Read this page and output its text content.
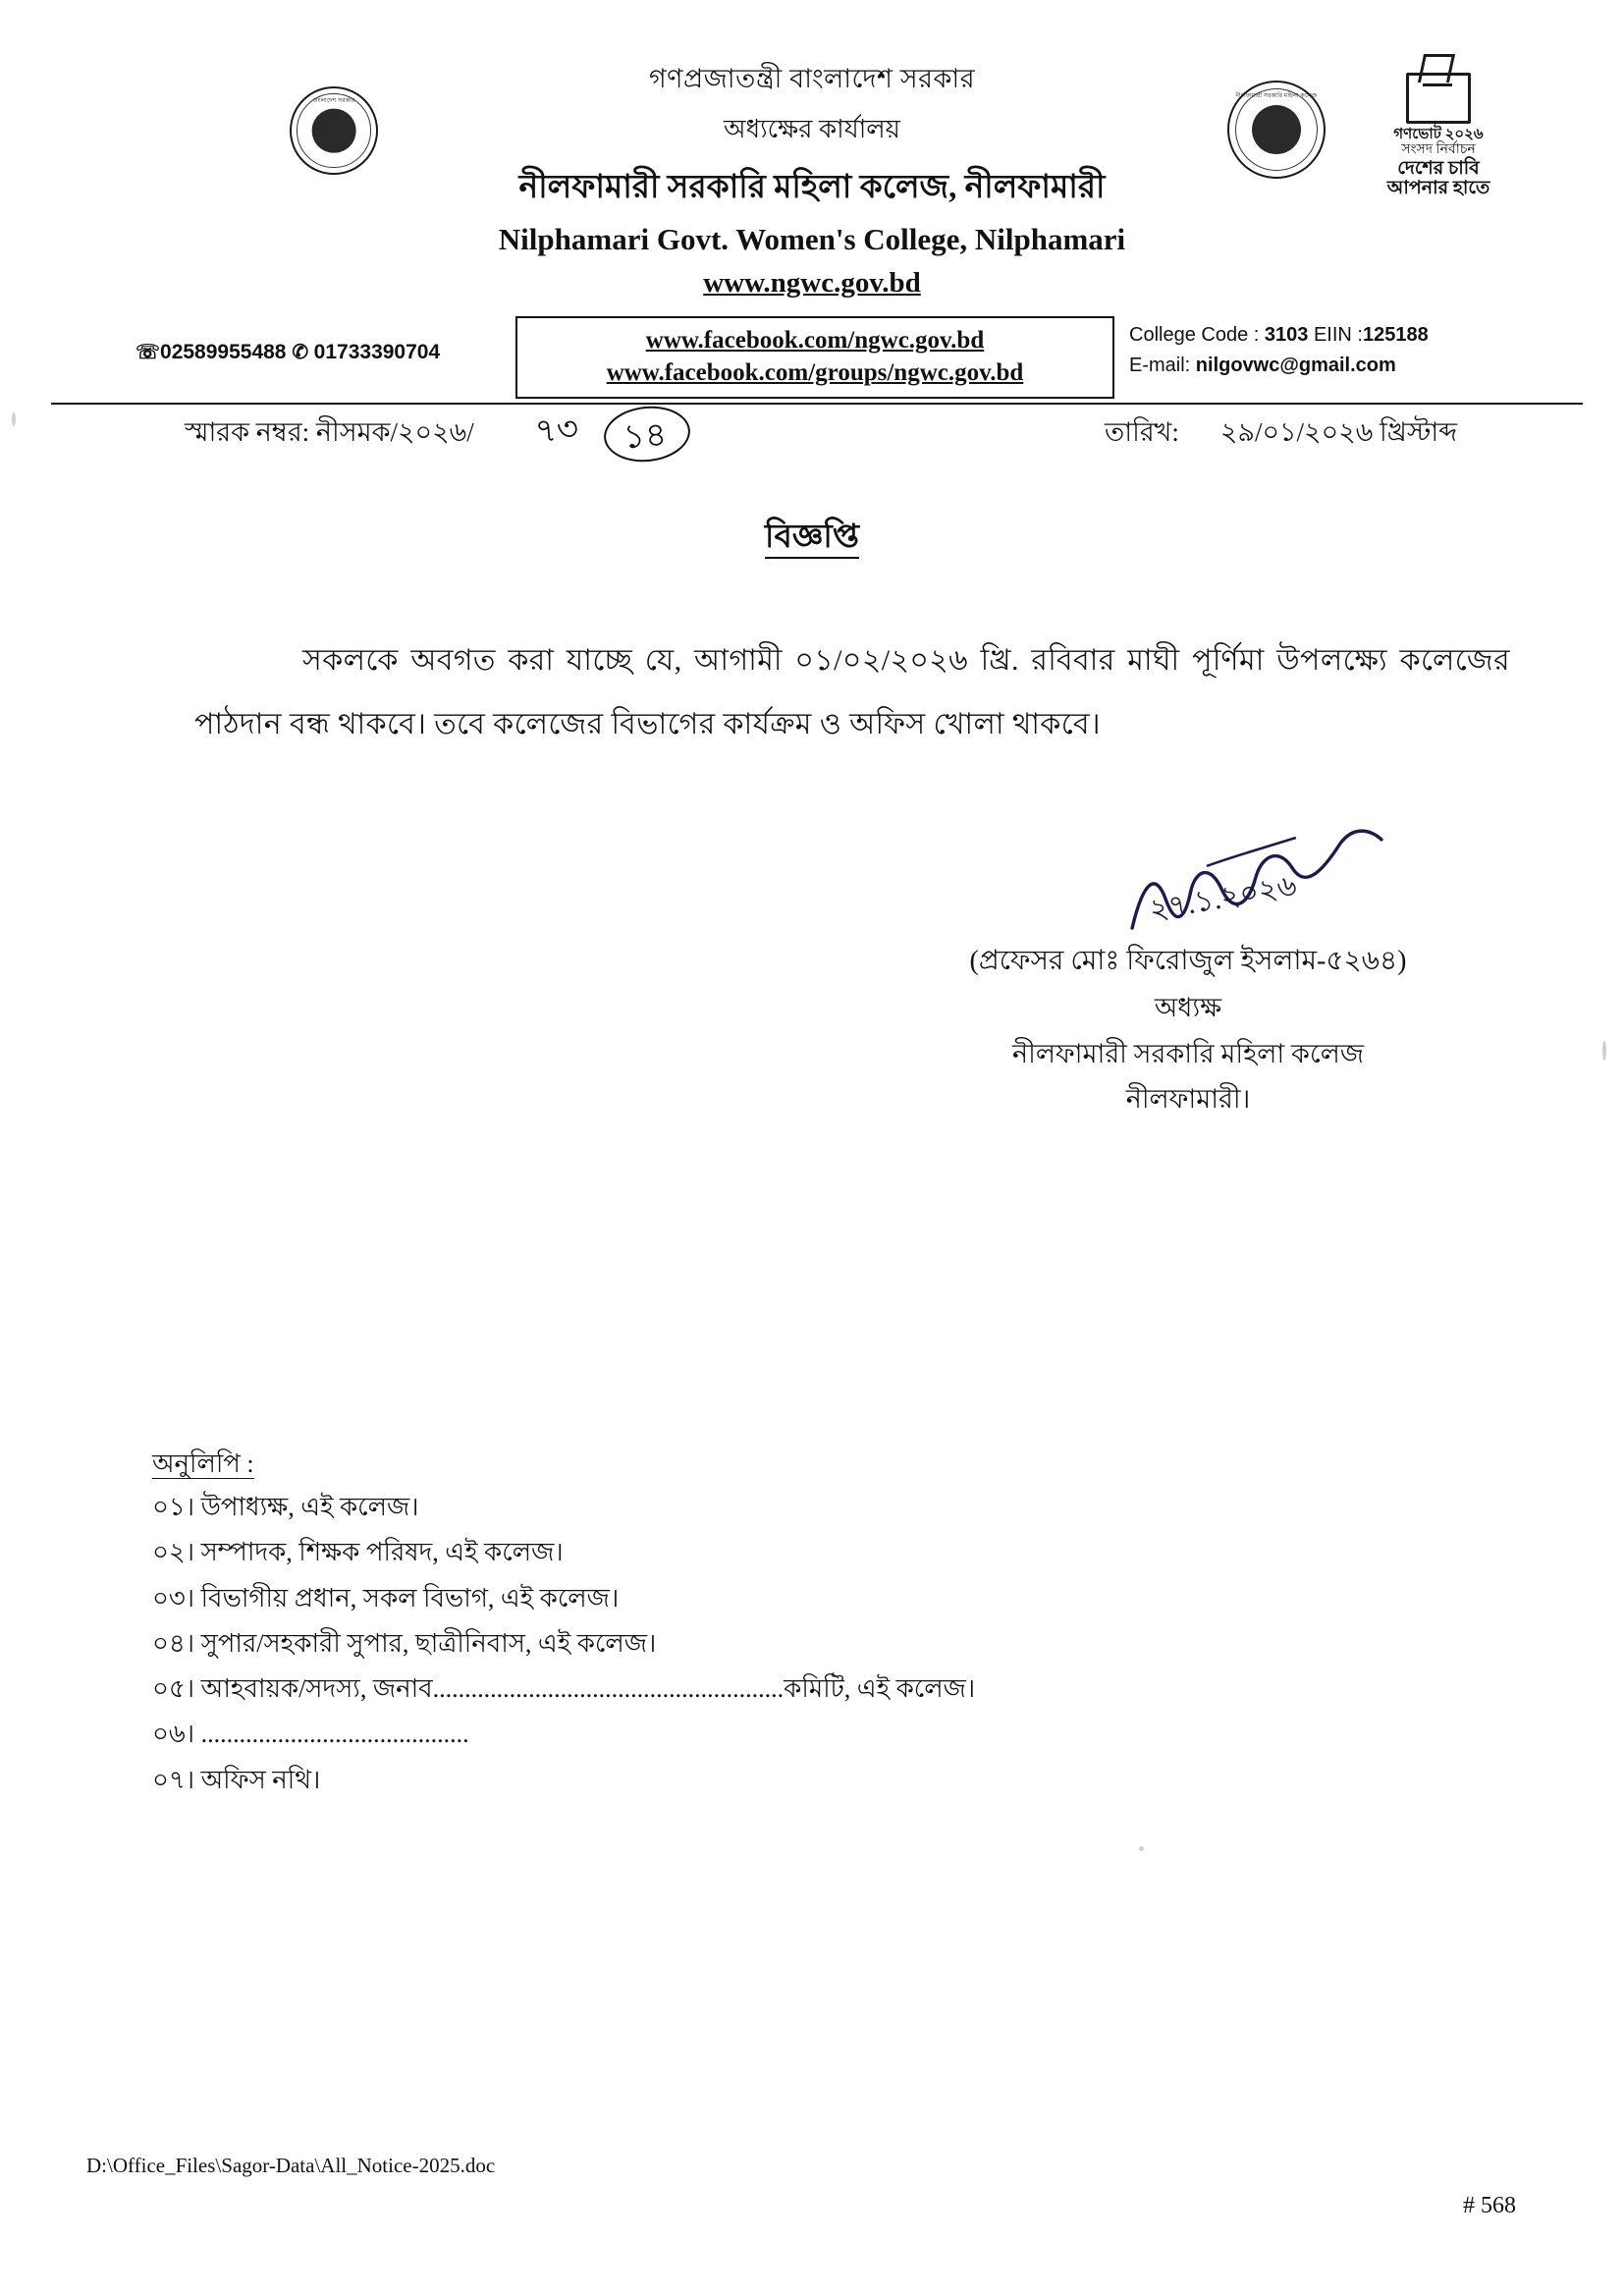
বাংলাদেশ সরকার
নীলফামারী সরকারি মহিলা কলেজ
গণভোট ২০২৬
সংসদ নির্বাচন
দেশের চাবি
আপনার হাতে
গণপ্রজাতন্ত্রী বাংলাদেশ সরকার
অধ্যক্ষের কার্যালয়
নীলফামারী সরকারি মহিলা কলেজ, নীলফামারী
Nilphamari Govt. Women's College, Nilphamari
www.ngwc.gov.bd
☏02589955488 ✆ 01733390704	www.facebook.com/ngwc.gov.bd
www.facebook.com/groups/ngwc.gov.bd
College Code : 3103 EIIN :125188
E-mail: nilgovwc@gmail.com
স্মারক নম্বর: নীসমক/২০২৬/ ৭৩ ১৪	তারিখ: ২৯/০১/২০২৬ খ্রিস্টাব্দ
বিজ্ঞপ্তি
সকলকে অবগত করা যাচ্ছে যে, আগামী ০১/০২/২০২৬ খ্রি. রবিবার মাঘী পূর্ণিমা উপলক্ষ্যে কলেজের পাঠদান বন্ধ থাকবে। তবে কলেজের বিভাগের কার্যক্রম ও অফিস খোলা থাকবে।
২৭.১.২০২৬
(প্রফেসর মোঃ ফিরোজুল ইসলাম-৫২৬৪)
অধ্যক্ষ
নীলফামারী সরকারি মহিলা কলেজ
নীলফামারী।
অনুলিপি :
০১। উপাধ্যক্ষ, এই কলেজ।
০২। সম্পাদক, শিক্ষক পরিষদ, এই কলেজ।
০৩। বিভাগীয় প্রধান, সকল বিভাগ, এই কলেজ।
০৪। সুপার/সহকারী সুপার, ছাত্রীনিবাস, এই কলেজ।
০৫। আহবায়ক/সদস্য, জনাব.......................................................কমিটি, এই কলেজ।
০৬। ..........................................
০৭। অফিস নথি।
D:\Office_Files\Sagor-Data\All_Notice-2025.doc
# 568
